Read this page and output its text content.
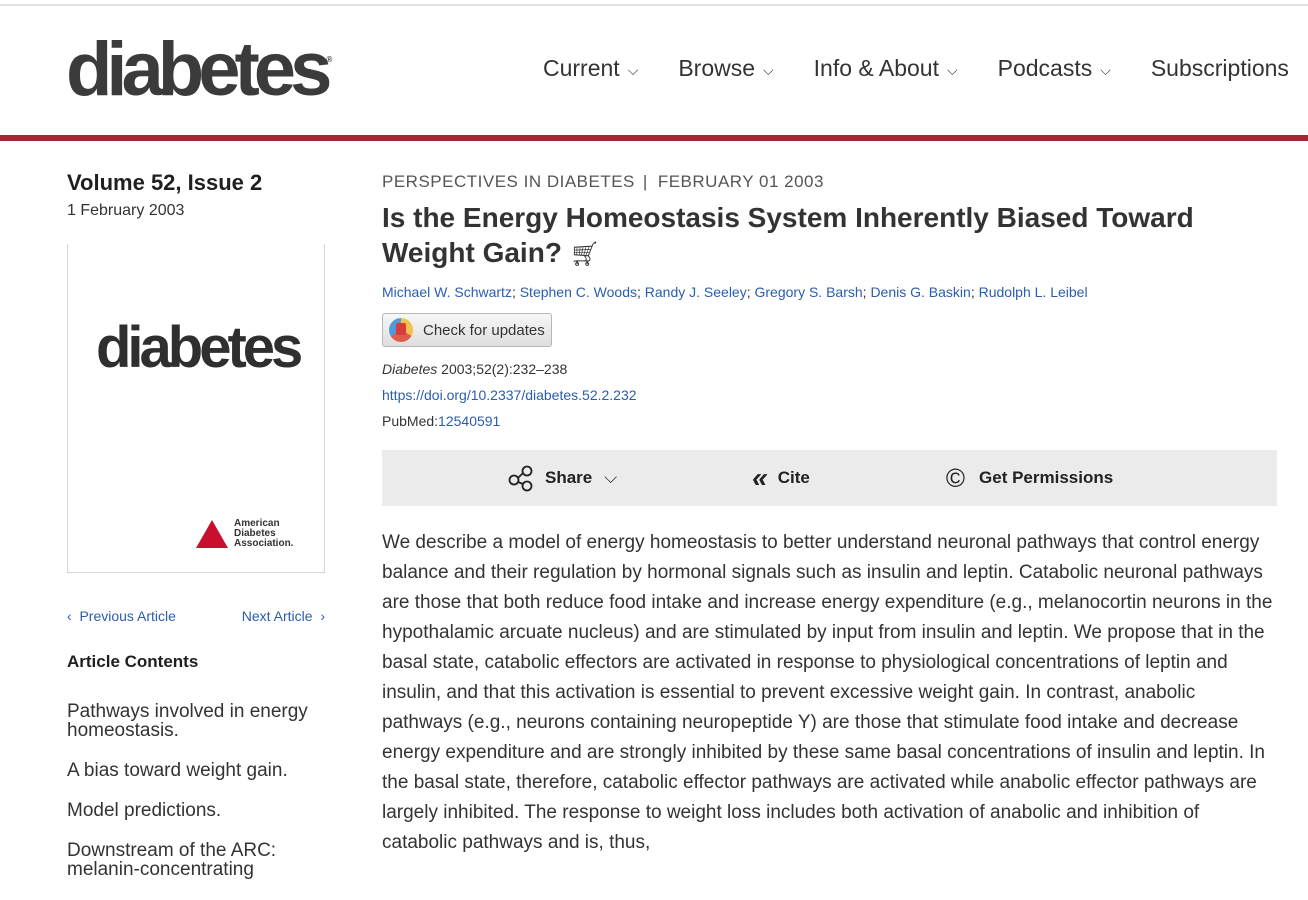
diabetes®	Current ⌵ Browse ⌵ Info & About ⌵ Podcasts ⌵ Subscriptions
Volume 52, Issue 2
1 February 2003
diabetes
American
Diabetes
Association.
‹ Previous Article	Next Article ›
Article Contents
Pathways involved in energy homeostasis.
A bias toward weight gain.
Model predictions.
Downstream of the ARC: melanin-concentrating
PERSPECTIVES IN DIABETES | FEBRUARY 01 2003
Is the Energy Homeostasis System Inherently Biased Toward Weight Gain? 🛒︎
Michael W. Schwartz; Stephen C. Woods; Randy J. Seeley; Gregory S. Barsh; Denis G. Baskin; Rudolph L. Leibel
Check for updates
Diabetes 2003;52(2):232–238
https://doi.org/10.2337/diabetes.52.2.232
PubMed:12540591
Share ⌵	« Cite	© Get Permissions

We describe a model of energy homeostasis to better understand neuronal pathways that control energy balance and their regulation by hormonal signals such as insulin and leptin. Catabolic neuronal pathways are those that both reduce food intake and increase energy expenditure (e.g., melanocortin neurons in the hypothalamic arcuate nucleus) and are stimulated by input from insulin and leptin. We propose that in the basal state, catabolic effectors are activated in response to physiological concentrations of leptin and insulin, and that this activation is essential to prevent excessive weight gain. In contrast, anabolic pathways (e.g., neurons containing neuropeptide Y) are those that stimulate food intake and decrease energy expenditure and are strongly inhibited by these same basal concentrations of insulin and leptin. In the basal state, therefore, catabolic effector pathways are activated while anabolic effector pathways are largely inhibited. The response to weight loss includes both activation of anabolic and inhibition of catabolic pathways and is, thus,
